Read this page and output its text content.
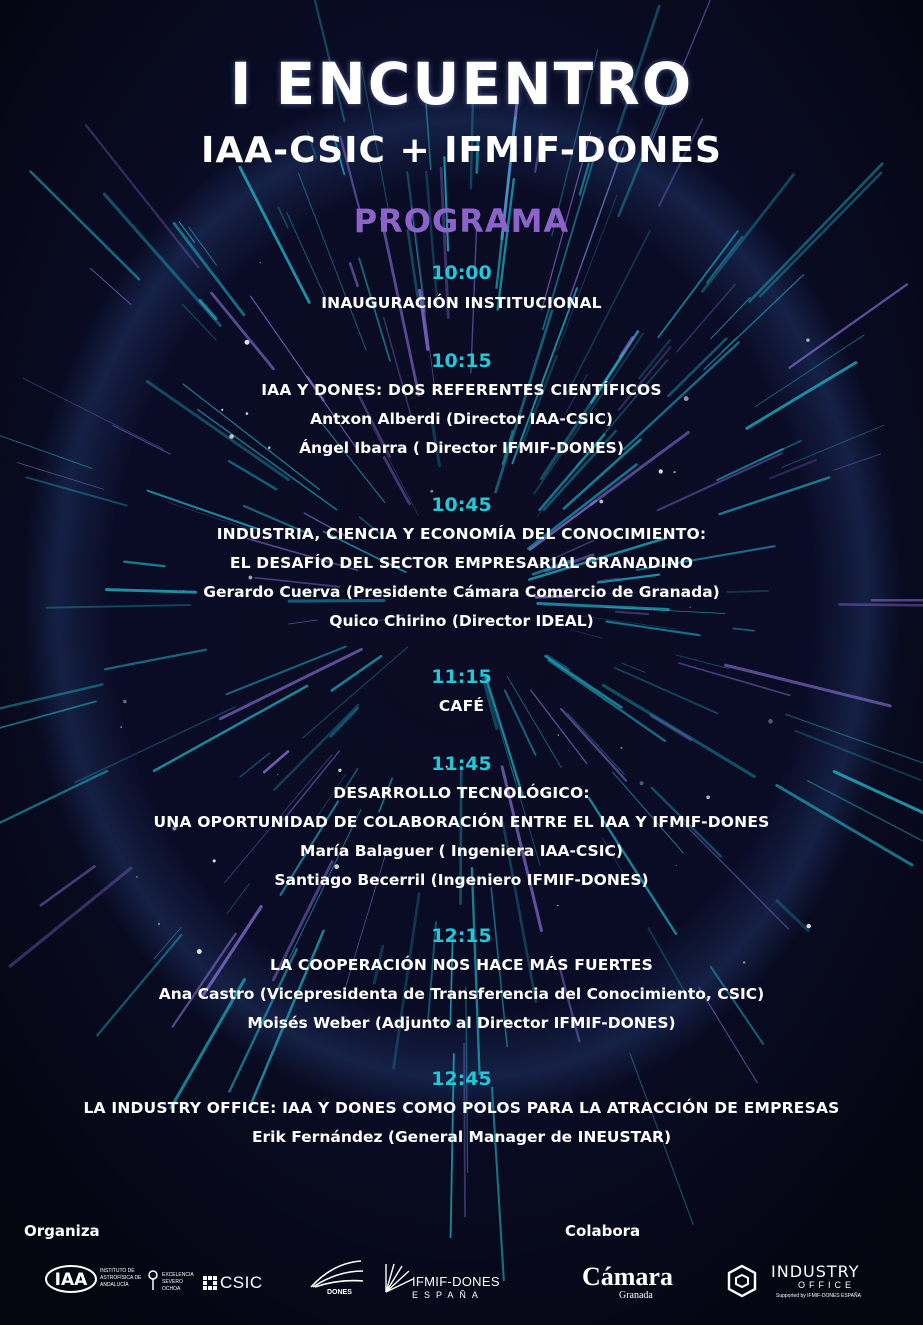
I ENCUENTRO
IAA-CSIC + IFMIF-DONES
PROGRAMA
10:00
INAUGURACIÓN INSTITUCIONAL
10:15
IAA Y DONES: DOS REFERENTES CIENTÍFICOS
Antxon Alberdi (Director IAA-CSIC)
Ángel Ibarra ( Director IFMIF-DONES)
10:45
INDUSTRIA, CIENCIA Y ECONOMÍA DEL CONOCIMIENTO:
EL DESAFÍO DEL SECTOR EMPRESARIAL GRANADINO
Gerardo Cuerva (Presidente Cámara Comercio de Granada)
Quico Chirino (Director IDEAL)
11:15
CAFÉ
11:45
DESARROLLO TECNOLÓGICO:
UNA OPORTUNIDAD DE COLABORACIÓN ENTRE EL IAA Y IFMIF-DONES
María Balaguer ( Ingeniera IAA-CSIC)
Santiago Becerril (Ingeniero IFMIF-DONES)
12:15
LA COOPERACIÓN NOS HACE MÁS FUERTES
Ana Castro (Vicepresidenta de Transferencia del Conocimiento, CSIC)
Moisés Weber (Adjunto al Director IFMIF-DONES)
12:45
LA INDUSTRY OFFICE: IAA Y DONES COMO POLOS PARA LA ATRACCIÓN DE EMPRESAS
Erik Fernández (General Manager de INEUSTAR)
Organiza	Colabora
IAA	INSTITUTO DE ASTROFÍSICA DE ANDALUCÍA
EXCELENCIA SEVERO OCHOA	CSIC
DONES
IFMIF-DONES
ESPAÑA
Cámara
Granada
INDUSTRY
OFFICE
Supported by IFMIF-DONES ESPAÑA
